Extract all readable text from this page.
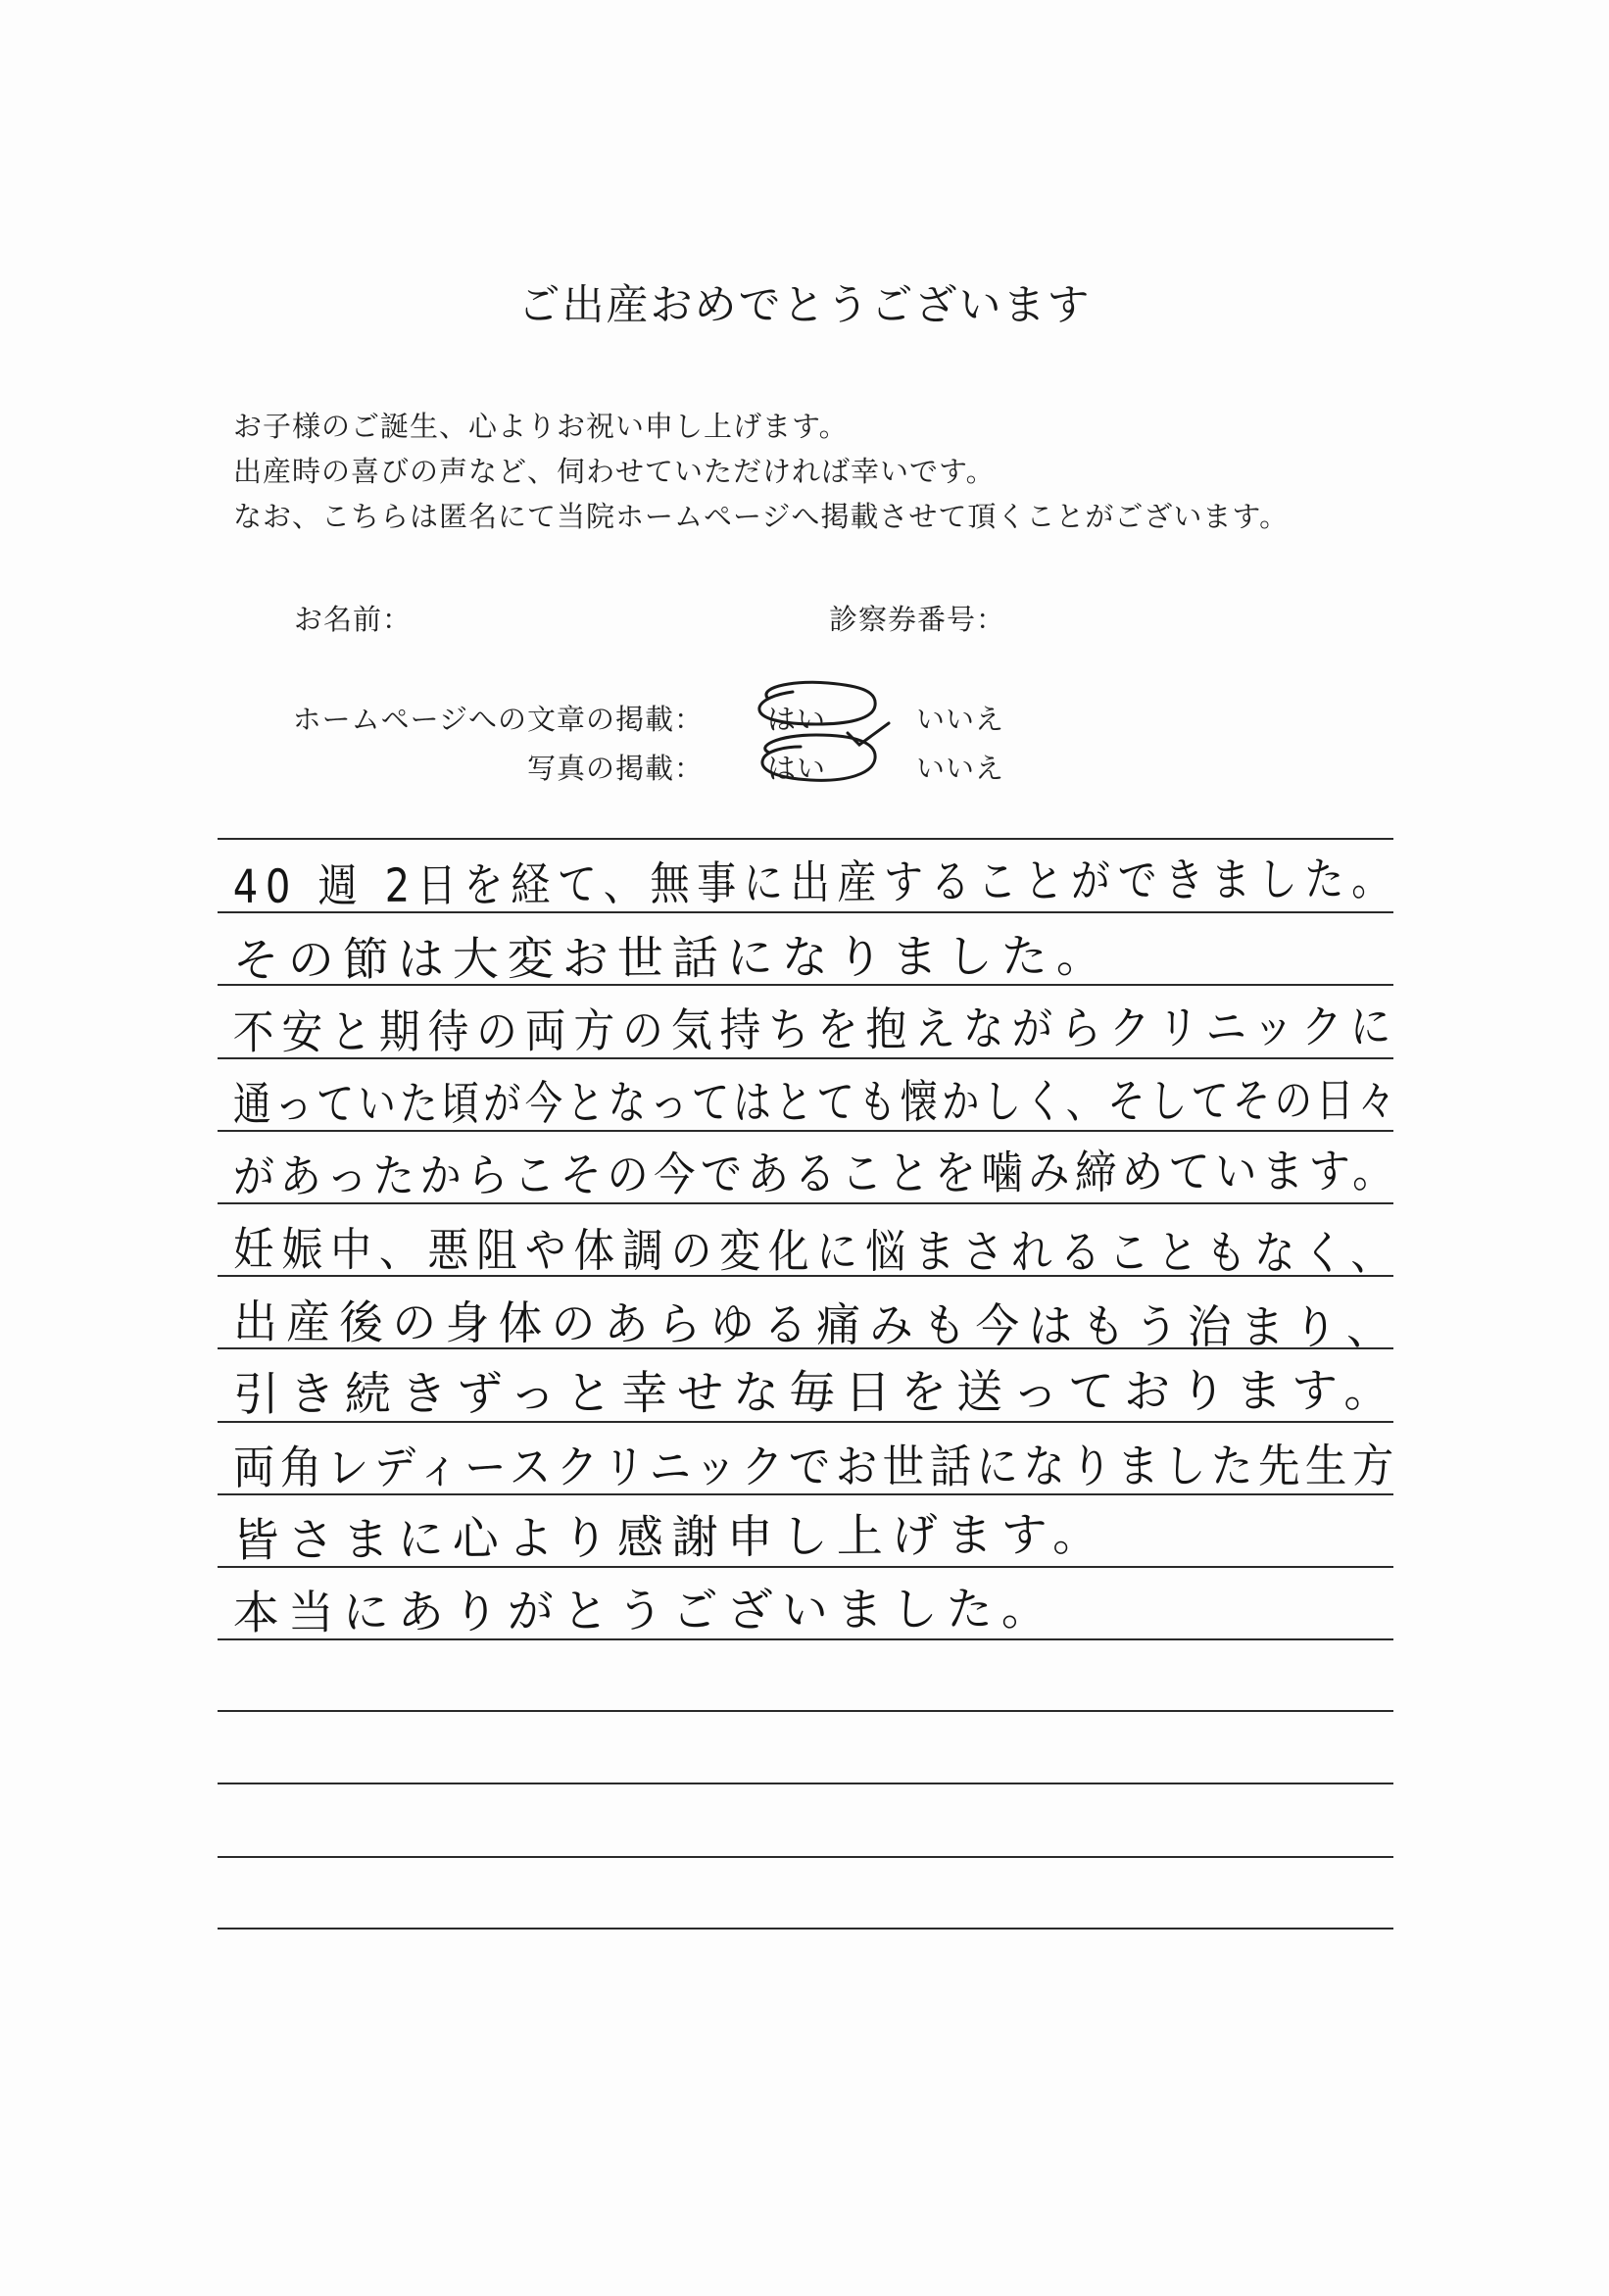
ご出産おめでとうございます
お子様のご誕生、心よりお祝い申し上げます。
出産時の喜びの声など、伺わせていただければ幸いです。
なお、こちらは匿名にて当院ホームページへ掲載させて頂くことがございます。
お名前：	診察券番号：
ホームページへの文章の掲載： はい	いいえ
写真の掲載： はい	いいえ
40 週 2日を経て、無事に出産することができました。
その節は大変お世話になりました。
不安と期待の両方の気持ちを抱えながらクリニックに
通っていた頃が今となってはとても懐かしく、そしてその日々
があったからこその今であることを噛み締めています。
妊娠中、悪阻や体調の変化に悩まされることもなく、
出産後の身体のあらゆる痛みも今はもう治まり、
引き続きずっと幸せな毎日を送っております。
両角レディースクリニックでお世話になりました先生方
皆さまに心より感謝申し上げます。
本当にありがとうございました。
